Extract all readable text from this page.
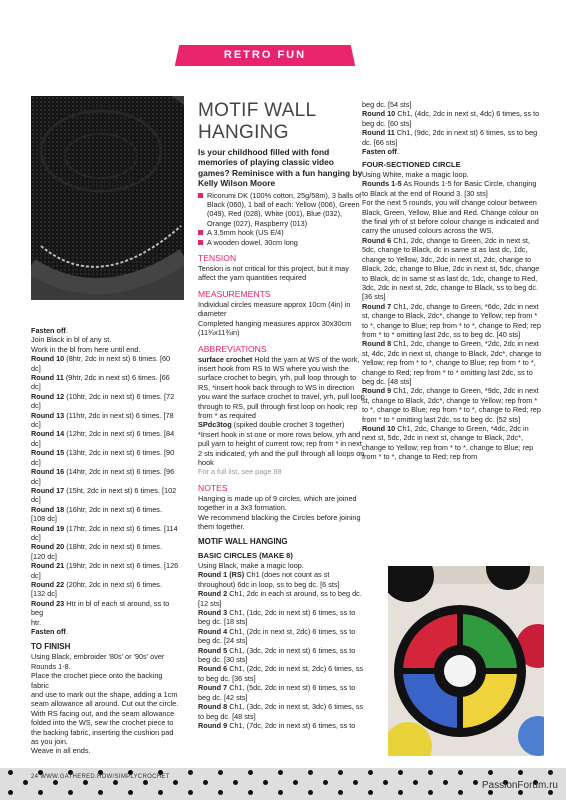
RETRO FUN COLLECTION

Fasten off.

Join Black in bl of any st.

Work in the bl from here until end.

Round 10 (8htr, 2dc in next st) 6 times. [60 dc]

Round 11 (9htr, 2dc in next st) 6 times. [66 dc]

Round 12 (10htr, 2dc in next st) 6 times. [72 dc]

Round 13 (11htr, 2dc in next st) 6 times. [78 dc]

Round 14 (12htr, 2dc in next st) 6 times. [84 dc]

Round 15 (13htr, 2dc in next st) 6 times. [90 dc]

Round 16 (14htr, 2dc in next st) 6 times. [96 dc]

Round 17 (15ht, 2dc in next st) 6 times. [102 dc]

Round 18 (16htr, 2dc in next st) 6 times.

[108 dc]

Round 19 (17htr, 2dc in next st) 6 times. [114 dc]

Round 20 (18htr, 2dc in next st) 6 times.

[120 dc]

Round 21 (19htr, 2dc in next st) 6 times. [126 dc]

Round 22 (20htr, 2dc in next st) 6 times.

[132 dc]

Round 23 Htr in bl of each st around, ss to beg

htr.

Fasten off.

TO FINISH

Using Black, embroider '80s' or '90s' over

Rounds 1-8.

Place the crochet piece onto the backing fabric

and use to mark out the shape, adding a 1cm

seam allowance all around. Cut out the circle.

With RS facing out, and the seam allowance

folded into the WS, sew the crochet piece to

the backing fabric, inserting the cushion pad

as you join.

Weave in all ends.

MOTIF WALL HANGING

Is your childhood filled with fond memories of playing classic video games? Reminisce with a fun hanging by Kelly Wilson Moore

Ricorumi DK (100% cotton, 25g/58m), 3 balls of Black (060), 1 ball of each: Yellow (006), Green (049), Red (028), White (001), Blue (032), Orange (027), Raspberry (013)

A 3.5mm hook (US E/4)

A wooden dowel, 30cm long

TENSION

Tension is not critical for this project, but it may affect the yarn quantities required

MEASUREMENTS

Individual circles measure approx 10cm (4in) in diameter

Completed hanging measures approx 30x30cm (11¾x11¾in)

ABBREVIATIONS

surface crochet Hold the yarn at WS of the work, insert hook from RS to WS where you wish the surface crochet to begin, yrh, pull loop through to RS, *insert hook back through to WS in direction you want the surface crochet to travel, yrh, pull loop through to RS, pull through first loop on hook; rep from * as required

SPdc3tog (spiked double crochet 3 together) *Insert hook in st one or more rows below, yrh and pull yarn to height of current row; rep from * in next 2 sts indicated, yrh and the pull through all loops on hook

For a full list, see page 88

NOTES

Hanging is made up of 9 circles, which are joined together in a 3x3 formation.

We recommend blacking the Circles before joining them together.

MOTIF WALL HANGING

BASIC CIRCLES (MAKE 8)

Using Black, make a magic loop.

Round 1 (RS) Ch1 (does not count as st throughout) 6dc in loop, ss to beg dc. [6 sts]

Round 2 Ch1, 2dc in each st around, ss to beg dc. [12 sts]

Round 3 Ch1, (1dc, 2dc in next st) 6 times, ss to beg dc. [18 sts]

Round 4 Ch1, (2dc in next st, 2dc) 6 times, ss to beg dc. [24 sts]

Round 5 Ch1, (3dc, 2dc in next st) 6 times, ss to beg dc. [30 sts]

Round 6 Ch1, (2dc, 2dc in next st, 2dc) 6 times, ss to beg dc. [36 sts]

Round 7 Ch1, (5dc, 2dc in next st) 6 times, ss to beg dc. [42 sts]

Round 8 Ch1, (3dc, 2dc in next st, 3dc) 6 times, ss to beg dc. [48 sts]

Round 9 Ch1, (7dc, 2dc in next st) 6 times, ss to

beg dc. [54 sts]

Round 10 Ch1, (4dc, 2dc in next st, 4dc) 6 times, ss to beg dc. [60 sts]

Round 11 Ch1, (9dc, 2dc in next st) 6 times, ss to beg dc. [66 sts]

Fasten off.

FOUR-SECTIONED CIRCLE

Using White, make a magic loop.

Rounds 1-5 As Rounds 1-5 for Basic Circle, changing to Black at the end of Round 3. [30 sts]

For the next 5 rounds, you will change colour between Black, Green, Yellow, Blue and Red. Change colour on the final yrh of st before colour change is indicated and carry the unused colours across the WS.

Round 6 Ch1, 2dc, change to Green, 2dc in next st, 5dc, change to Black, dc in same st as last dc, 1dc, change to Yellow, 3dc, 2dc in next st, 2dc, change to Black, 2dc, change to Blue, 2dc in next st, 5dc, change to Black, dc in same st as last dc, 1dc, change to Red, 3dc, 2dc in next st, 2dc, change to Black, ss to beg dc. [36 sts]

Round 7 Ch1, 2dc, change to Green, *6dc, 2dc in next st, change to Black, 2dc*, change to Yellow; rep from * to *, change to Blue; rep from * to *, change to Red; rep from * to * omitting last 2dc, ss to beg dc. [40 sts]

Round 8 Ch1, 2dc, change to Green, *2dc, 2dc in next st, 4dc, 2dc in next st, change to Black, 2dc*, change to Yellow; rep from * to *, change to Blue; rep from * to *, change to Red; rep from * to * omitting last 2dc, ss to beg dc. [48 sts]

Round 9 Ch1, 2dc, change to Green, *9dc, 2dc in next st, change to Black, 2dc*, change to Yellow; rep from * to *, change to Blue; rep from * to *, change to Red; rep from * to * omitting last 2dc, ss to beg dc. [52 sts]

Round 10 Ch1, 2dc, Change to Green, *4dc, 2dc in next st, 5dc, 2dc in next st, change to Black, 2dc*, change to Yellow; rep from * to *, change to Blue; rep from * to *, change to Red; rep from

24 WWW.GATHERED.HOW/SIMPLYCROCHET
PassionForum.ru
